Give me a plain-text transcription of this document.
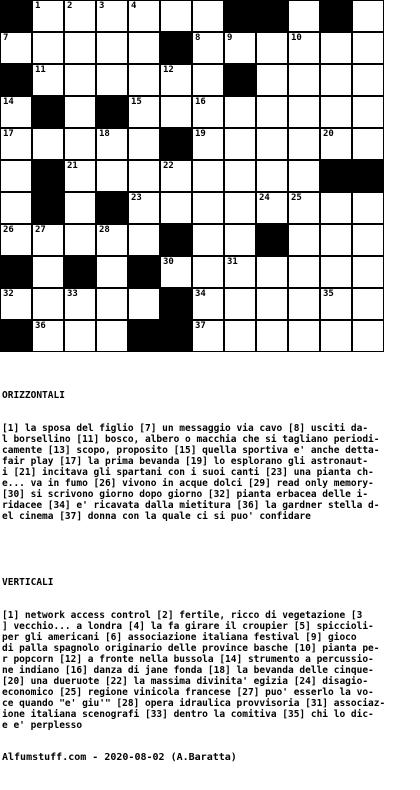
1	2	3	4	5	6
7	8	9	10
11	12	13
14	15	16
17	18	19	20
21	22
23	24 25
26 27	28	29
30	31
32	33	34	35
36	37

ORIZZONTALI

[1] la sposa del figlio [7] un messaggio via cavo [8] usciti da-
l borsellino [11] bosco, albero o macchia che si tagliano periodi-
camente [13] scopo, proposito [15] quella sportiva e' anche detta-
fair play [17] la prima bevanda [19] lo esplorano gli astronaut-
i [21] incitava gli spartani con i suoi canti [23] una pianta ch-
e... va in fumo [26] vivono in acque dolci [29] read only memory-
[30] si scrivono giorno dopo giorno [32] pianta erbacea delle i-
ridacee [34] e' ricavata dalla mietitura [36] la gardner stella d-
el cinema [37] donna con la quale ci si puo' confidare

VERTICALI

[1] network access control [2] fertile, ricco di vegetazione [3
] vecchio... a londra [4] la fa girare il croupier [5] spiccioli-
per gli americani [6] associazione italiana festival [9] gioco
di palla spagnolo originario delle province basche [10] pianta pe-
r popcorn [12] a fronte nella bussola [14] strumento a percussio-
ne indiano [16] danza di jane fonda [18] la bevanda delle cinque-
[20] una dueruote [22] la massima divinita' egizia [24] disagio-
economico [25] regione vinicola francese [27] puo' esserlo la vo-
ce quando "e' giu'" [28] opera idraulica provvisoria [31] associaz-
ione italiana scenografi [33] dentro la comitiva [35] chi lo dic-
e e' perplesso

Alfumstuff.com - 2020-08-02 (A.Baratta)
